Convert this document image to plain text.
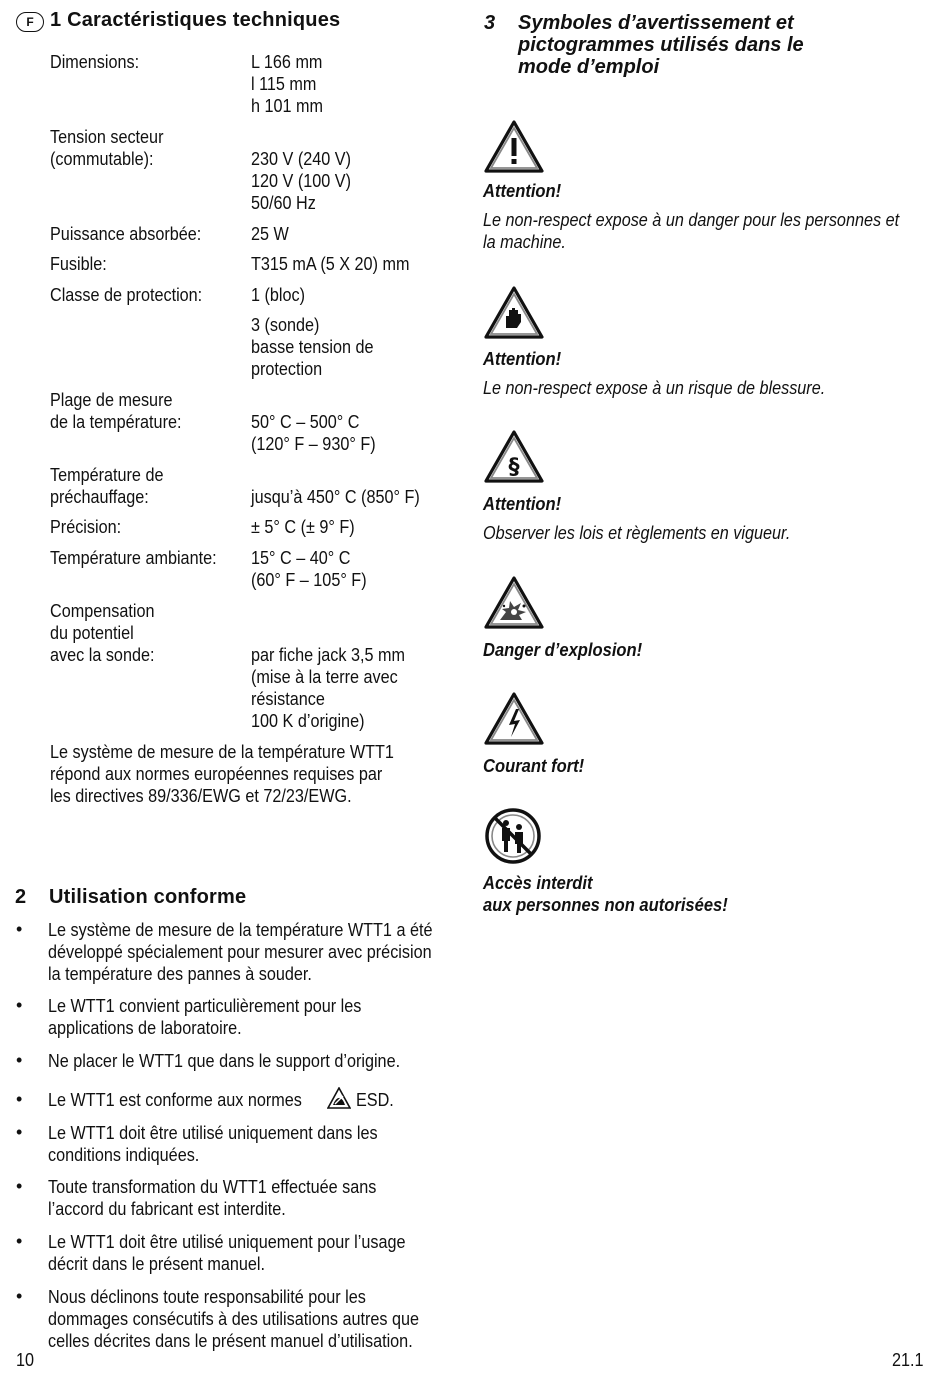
F 1 Caractéristiques techniques
Dimensions:	L 166 mm
l 115 mm
h 101 mm
Tension secteur
(commutable):	230 V (240 V)
120 V (100 V)
50/60 Hz
Puissance absorbée:	25 W
Fusible:	T315 mA (5 X 20) mm
Classe de protection:	1 (bloc)
3 (sonde)
basse tension de
protection
Plage de mesure
de la température:	50° C – 500° C
(120° F – 930° F)
Température de
préchauffage:	jusqu’à 450° C (850° F)
Précision:	± 5° C (± 9° F)
Température ambiante: 15° C – 40° C
(60° F – 105° F)
Compensation
du potentiel
avec la sonde:	par fiche jack 3,5 mm
(mise à la terre avec
résistance
100 K d’origine)
Le système de mesure de la température WTT1
répond aux normes européennes requises par
les directives 89/336/EWG et 72/23/EWG.
2 Utilisation conforme
• Le système de mesure de la température WTT1 a été
développé spécialement pour mesurer avec précision
la température des pannes à souder.
• Le WTT1 convient particulièrement pour les
applications de laboratoire.
• Ne placer le WTT1 que dans le support d’origine.
• Le WTT1 est conforme aux normes	ESD.
• Le WTT1 doit être utilisé uniquement dans les
conditions indiquées.
• Toute transformation du WTT1 effectuée sans
l’accord du fabricant est interdite.
• Le WTT1 doit être utilisé uniquement pour l’usage
décrit dans le présent manuel.
• Nous déclinons toute responsabilité pour les
dommages consécutifs à des utilisations autres que
celles décrites dans le présent manuel d’utilisation.
3 Symboles d’avertissement et
pictogrammes utilisés dans le
mode d’emploi
Attention!
Le non-respect expose à un danger pour les personnes et
la machine.
Attention!
Le non-respect expose à un risque de blessure.
§
Attention!
Observer les lois et règlements en vigueur.
Danger d’explosion!
Courant fort!
Accès interdit
aux personnes non autorisées!
10	21.1
